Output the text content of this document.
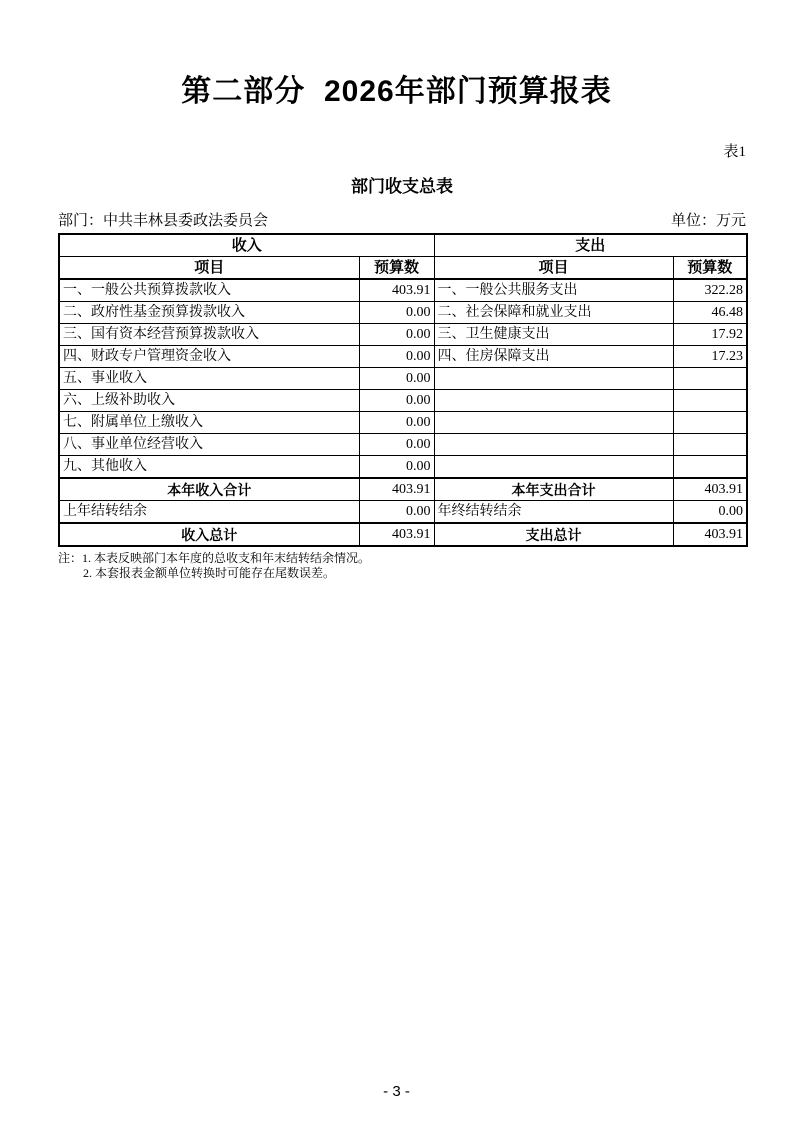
第二部分  2026年部门预算报表
表1
部门收支总表
部门：中共丰林县委政法委员会	单位：万元
收入		支出	
项目	预算数	项目	预算数
一、一般公共预算拨款收入	403.91	一、一般公共服务支出	322.28
二、政府性基金预算拨款收入	0.00	二、社会保障和就业支出	46.48
三、国有资本经营预算拨款收入	0.00	三、卫生健康支出	17.92
四、财政专户管理资金收入	0.00	四、住房保障支出	17.23
五、事业收入	0.00		
六、上级补助收入	0.00		
七、附属单位上缴收入	0.00		
八、事业单位经营收入	0.00		
九、其他收入	0.00		
本年收入合计	403.91	本年支出合计	403.91
上年结转结余	0.00	年终结转结余	0.00
收入总计	403.91	支出总计	403.91
注：1. 本表反映部门本年度的总收支和年末结转结余情况。
2. 本套报表金额单位转换时可能存在尾数误差。
- 3 -
